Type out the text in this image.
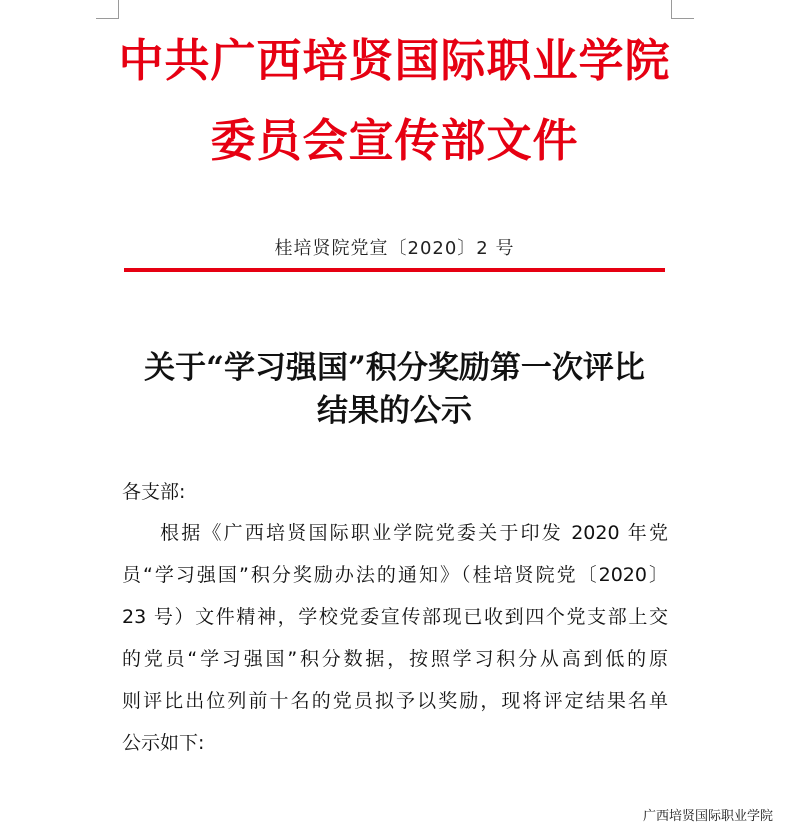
中共广西培贤国际职业学院
委员会宣传部文件
桂培贤院党宣〔2020〕2 号
关于“学习强国”积分奖励第一次评比
结果的公示
各支部:
根据《广西培贤国际职业学院党委关于印发 2020 年党
员“学习强国”积分奖励办法的通知》（桂培贤院党〔2020〕
23 号）文件精神，学校党委宣传部现已收到四个党支部上交
的党员“学习强国”积分数据，按照学习积分从高到低的原
则评比出位列前十名的党员拟予以奖励，现将评定结果名单
公示如下:
广西培贤国际职业学院
